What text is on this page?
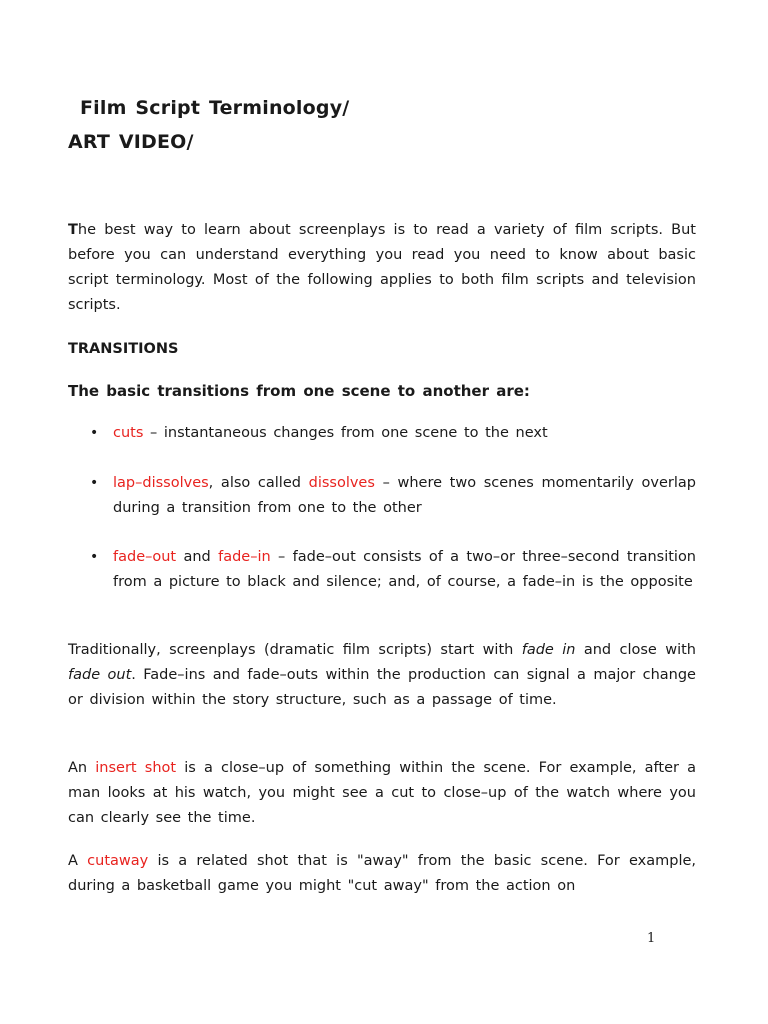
Film Script Terminology/
ART VIDEO/

The best way to learn about screenplays is to read a variety of film scripts. But before you can understand everything you read you need to know about basic script terminology. Most of the following applies to both film scripts and television scripts.

TRANSITIONS

The basic transitions from one scene to another are:

• cuts – instantaneous changes from one scene to the next
• lap–dissolves, also called dissolves – where two scenes momentarily overlap during a transition from one to the other
• fade–out and fade–in – fade–out consists of a two–or three–second transition from a picture to black and silence; and, of course, a fade–in is the opposite

Traditionally, screenplays (dramatic film scripts) start with fade in and close with fade out. Fade–ins and fade–outs within the production can signal a major change or division within the story structure, such as a passage of time.

An insert shot is a close–up of something within the scene. For example, after a man looks at his watch, you might see a cut to close–up of the watch where you can clearly see the time.

A cutaway is a related shot that is "away" from the basic scene. For example, during a basketball game you might "cut away" from the action on

1
